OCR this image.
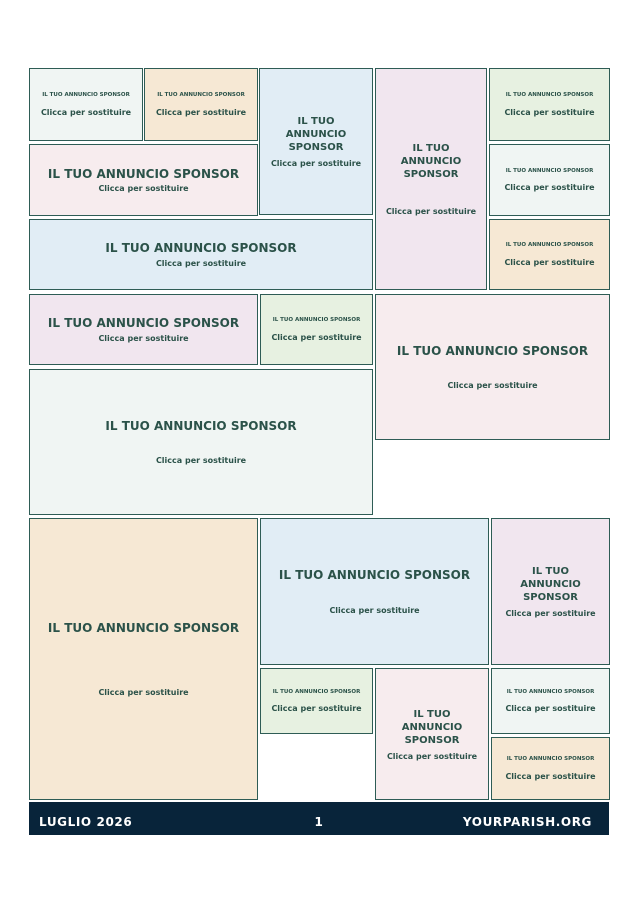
IL TUO ANNUNCIO SPONSOR
Clicca per sostituire
IL TUO ANNUNCIO SPONSOR
Clicca per sostituire
IL TUO ANNUNCIO SPONSOR
Clicca per sostituire
IL TUO ANNUNCIO SPONSOR
Clicca per sostituire
IL TUO ANNUNCIO SPONSOR
Clicca per sostituire
IL TUO ANNUNCIO SPONSOR
Clicca per sostituire
IL TUO ANNUNCIO SPONSOR
Clicca per sostituire
IL TUO ANNUNCIO SPONSOR
Clicca per sostituire
IL TUO ANNUNCIO SPONSOR
Clicca per sostituire
IL TUO ANNUNCIO SPONSOR
Clicca per sostituire
IL TUO ANNUNCIO SPONSOR
Clicca per sostituire
IL TUO ANNUNCIO SPONSOR
Clicca per sostituire
IL TUO ANNUNCIO SPONSOR
Clicca per sostituire
IL TUO ANNUNCIO SPONSOR
Clicca per sostituire
IL TUO ANNUNCIO SPONSOR
Clicca per sostituire
IL TUO ANNUNCIO SPONSOR
Clicca per sostituire
IL TUO ANNUNCIO SPONSOR
Clicca per sostituire	IL TUO ANNUNCIO SPONSOR
Clicca per sostituire
IL TUO ANNUNCIO SPONSOR
Clicca per sostituire
IL TUO ANNUNCIO SPONSOR
Clicca per sostituire
LUGLIO 2026	1	YOURPARISH.ORG
